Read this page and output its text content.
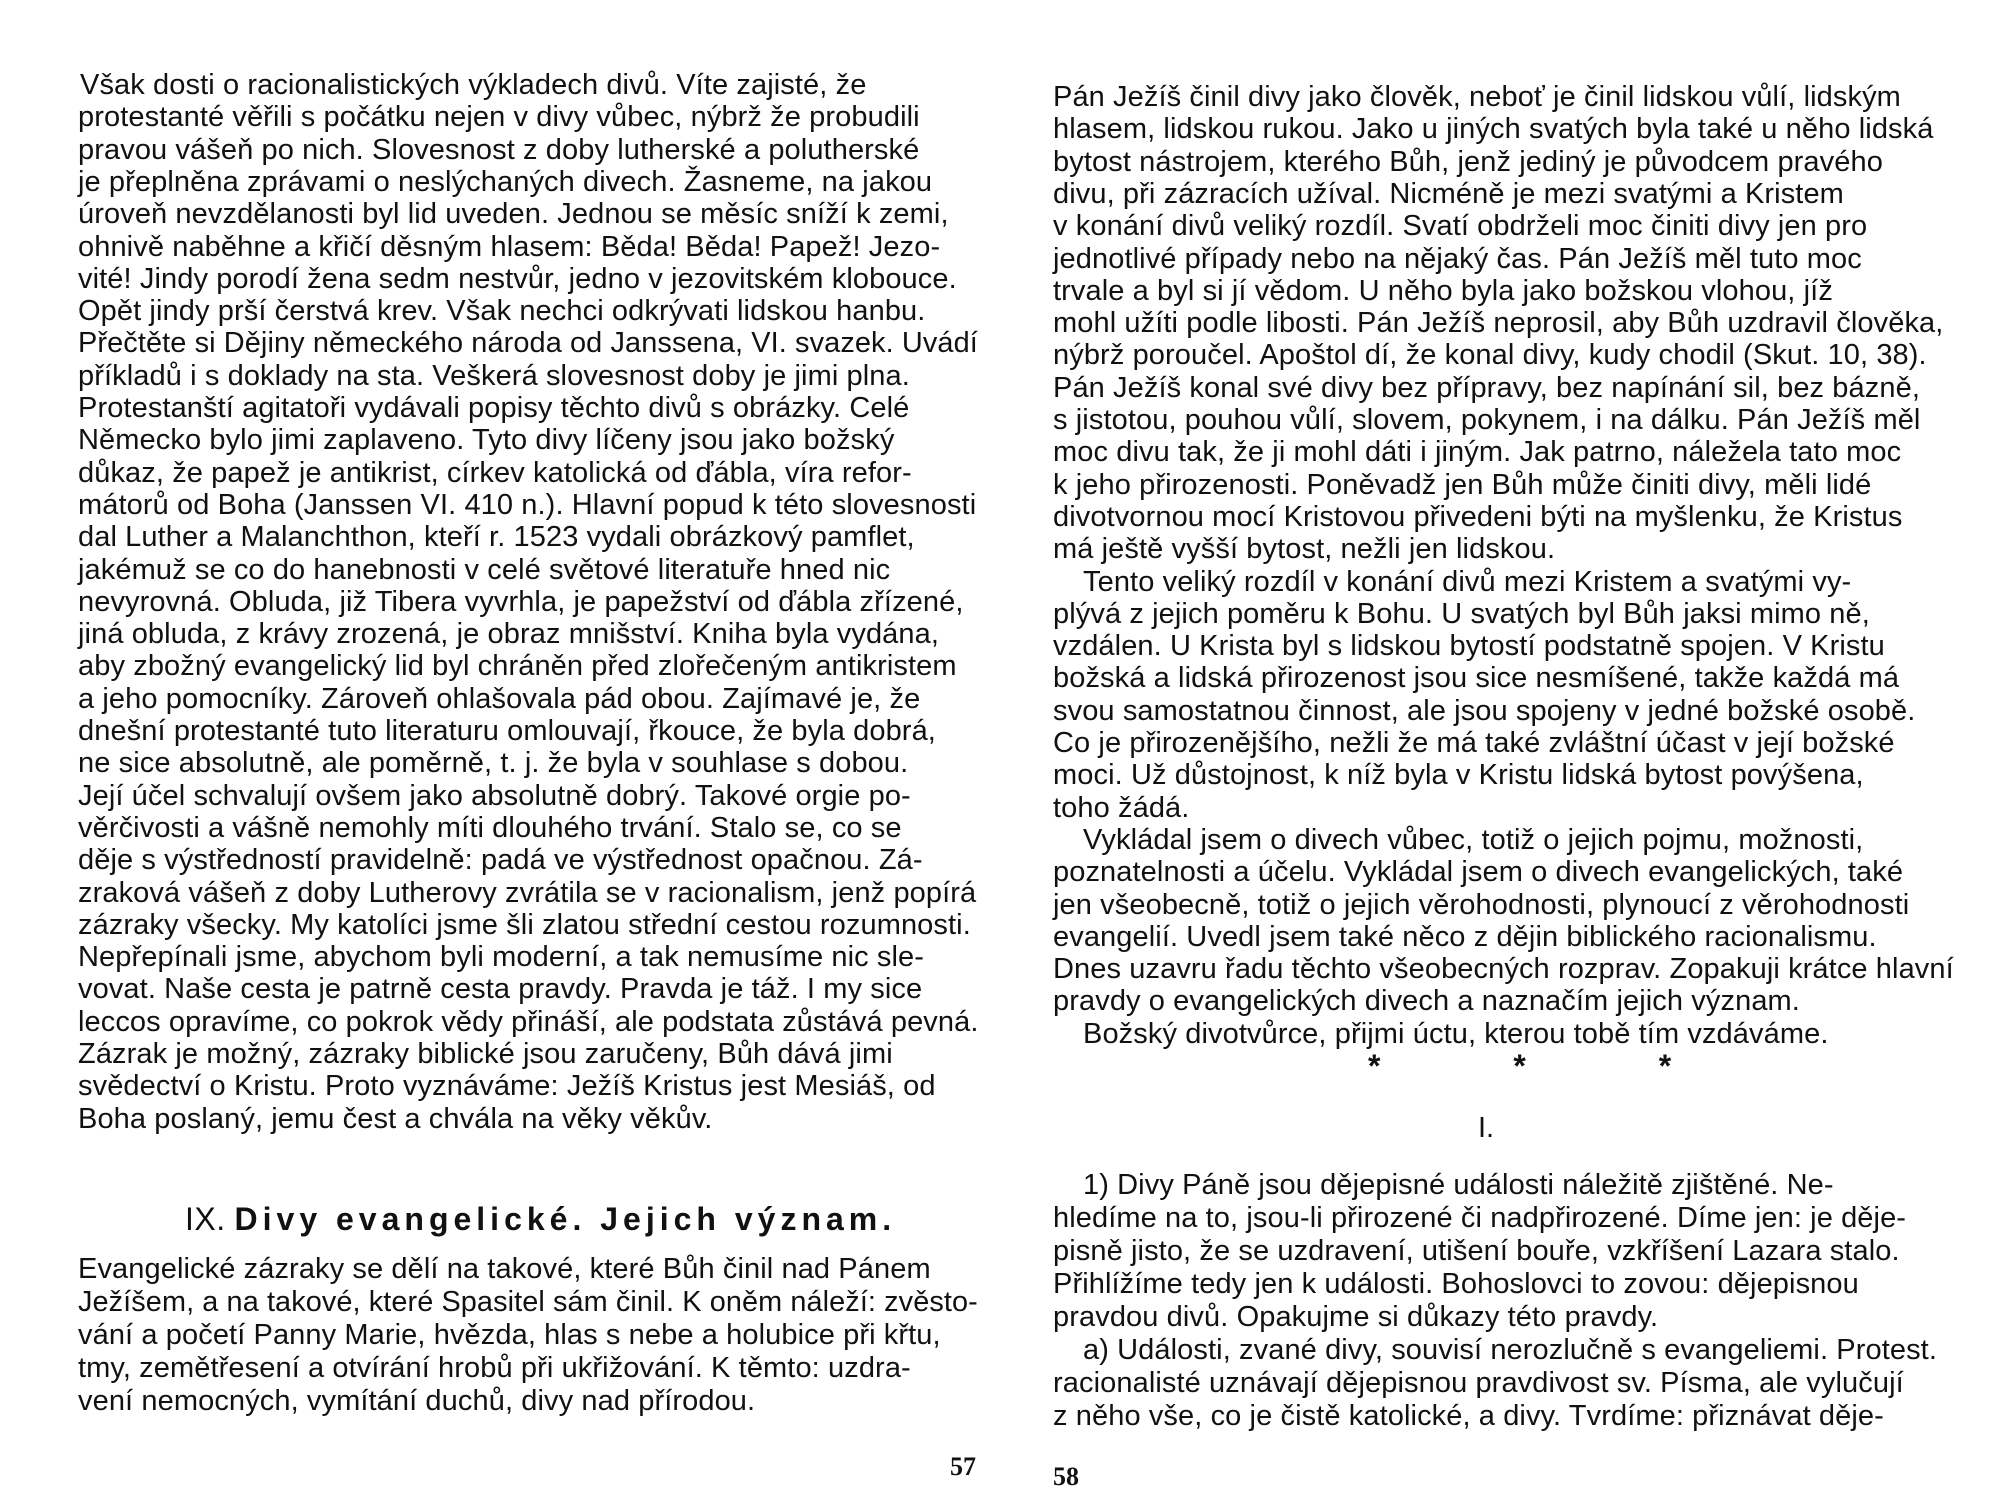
Však dosti o racionalistických výkladech divů. Víte zajisté, že
protestanté věřili s počátku nejen v divy vůbec, nýbrž že probudili
pravou vášeň po nich. Slovesnost z doby lutherské a polutherské
je přeplněna zprávami o neslýchaných divech. Žasneme, na jakou
úroveň nevzdělanosti byl lid uveden. Jednou se měsíc sníží k zemi,
ohnivě naběhne a křičí děsným hlasem: Běda! Běda! Papež! Jezo-
vité! Jindy porodí žena sedm nestvůr, jedno v jezovitském klobouce.
Opět jindy prší čerstvá krev. Však nechci odkrývati lidskou hanbu.
Přečtěte si Dějiny německého národa od Janssena, VI. svazek. Uvádí
příkladů i s doklady na sta. Veškerá slovesnost doby je jimi plna.
Protestanští agitatoři vydávali popisy těchto divů s obrázky. Celé
Německo bylo jimi zaplaveno. Tyto divy líčeny jsou jako božský
důkaz, že papež je antikrist, církev katolická od ďábla, víra refor-
mátorů od Boha (Janssen VI. 410 n.). Hlavní popud k této slovesnosti
dal Luther a Malanchthon, kteří r. 1523 vydali obrázkový pamflet,
jakémuž se co do hanebnosti v celé světové literatuře hned nic
nevyrovná. Obluda, již Tibera vyvrhla, je papežství od ďábla zřízené,
jiná obluda, z krávy zrozená, je obraz mnišství. Kniha byla vydána,
aby zbožný evangelický lid byl chráněn před zlořečeným antikristem
a jeho pomocníky. Zároveň ohlašovala pád obou. Zajímavé je, že
dnešní protestanté tuto literaturu omlouvají, řkouce, že byla dobrá,
ne sice absolutně, ale poměrně, t. j. že byla v souhlase s dobou.
Její účel schvalují ovšem jako absolutně dobrý. Takové orgie po-
věrčivosti a vášně nemohly míti dlouhého trvání. Stalo se, co se
děje s výstředností pravidelně: padá ve výstřednost opačnou. Zá-
zraková vášeň z doby Lutherovy zvrátila se v racionalism, jenž popírá
zázraky všecky. My katolíci jsme šli zlatou střední cestou rozumnosti.
Nepřepínali jsme, abychom byli moderní, a tak nemusíme nic sle-
vovat. Naše cesta je patrně cesta pravdy. Pravda je táž. I my sice
leccos opravíme, co pokrok vědy přináší, ale podstata zůstává pevná.
Zázrak je možný, zázraky biblické jsou zaručeny, Bůh dává jimi
svědectví o Kristu. Proto vyznáváme: Ježíš Kristus jest Mesiáš, od
Boha poslaný, jemu čest a chvála na věky věkův.
IX. Divy evangelické. Jejich význam.
Evangelické zázraky se dělí na takové, které Bůh činil nad Pánem
Ježíšem, a na takové, které Spasitel sám činil. K oněm náleží: zvěsto-
vání a početí Panny Marie, hvězda, hlas s nebe a holubice při křtu,
tmy, zemětřesení a otvírání hrobů při ukřižování. K těmto: uzdra-
vení nemocných, vymítání duchů, divy nad přírodou.
57
Pán Ježíš činil divy jako člověk, neboť je činil lidskou vůlí, lidským
hlasem, lidskou rukou. Jako u jiných svatých byla také u něho lidská
bytost nástrojem, kterého Bůh, jenž jediný je původcem pravého
divu, při zázracích užíval. Nicméně je mezi svatými a Kristem
v konání divů veliký rozdíl. Svatí obdrželi moc činiti divy jen pro
jednotlivé případy nebo na nějaký čas. Pán Ježíš měl tuto moc
trvale a byl si jí vědom. U něho byla jako božskou vlohou, jíž
mohl užíti podle libosti. Pán Ježíš neprosil, aby Bůh uzdravil člověka,
nýbrž poroučel. Apoštol dí, že konal divy, kudy chodil (Skut. 10, 38).
Pán Ježíš konal své divy bez přípravy, bez napínání sil, bez bázně,
s jistotou, pouhou vůlí, slovem, pokynem, i na dálku. Pán Ježíš měl
moc divu tak, že ji mohl dáti i jiným. Jak patrno, náležela tato moc
k jeho přirozenosti. Poněvadž jen Bůh může činiti divy, měli lidé
divotvornou mocí Kristovou přivedeni býti na myšlenku, že Kristus
má ještě vyšší bytost, nežli jen lidskou.
Tento veliký rozdíl v konání divů mezi Kristem a svatými vy-
plývá z jejich poměru k Bohu. U svatých byl Bůh jaksi mimo ně,
vzdálen. U Krista byl s lidskou bytostí podstatně spojen. V Kristu
božská a lidská přirozenost jsou sice nesmíšené, takže každá má
svou samostatnou činnost, ale jsou spojeny v jedné božské osobě.
Co je přirozenějšího, nežli že má také zvláštní účast v její božské
moci. Už důstojnost, k níž byla v Kristu lidská bytost povýšena,
toho žádá.
Vykládal jsem o divech vůbec, totiž o jejich pojmu, možnosti,
poznatelnosti a účelu. Vykládal jsem o divech evangelických, také
jen všeobecně, totiž o jejich věrohodnosti, plynoucí z věrohodnosti
evangelií. Uvedl jsem také něco z dějin biblického racionalismu.
Dnes uzavru řadu těchto všeobecných rozprav. Zopakuji krátce hlavní
pravdy o evangelických divech a naznačím jejich význam.
Božský divotvůrce, přijmi úctu, kterou tobě tím vzdáváme.
* * *
I.
1) Divy Páně jsou dějepisné události náležitě zjištěné. Ne-
hledíme na to, jsou-li přirozené či nadpřirozené. Díme jen: je děje-
pisně jisto, že se uzdravení, utišení bouře, vzkříšení Lazara stalo.
Přihlížíme tedy jen k události. Bohoslovci to zovou: dějepisnou
pravdou divů. Opakujme si důkazy této pravdy.
a) Události, zvané divy, souvisí nerozlučně s evangeliemi. Protest.
racionalisté uznávají dějepisnou pravdivost sv. Písma, ale vylučují
z něho vše, co je čistě katolické, a divy. Tvrdíme: přiznávat děje-
58
